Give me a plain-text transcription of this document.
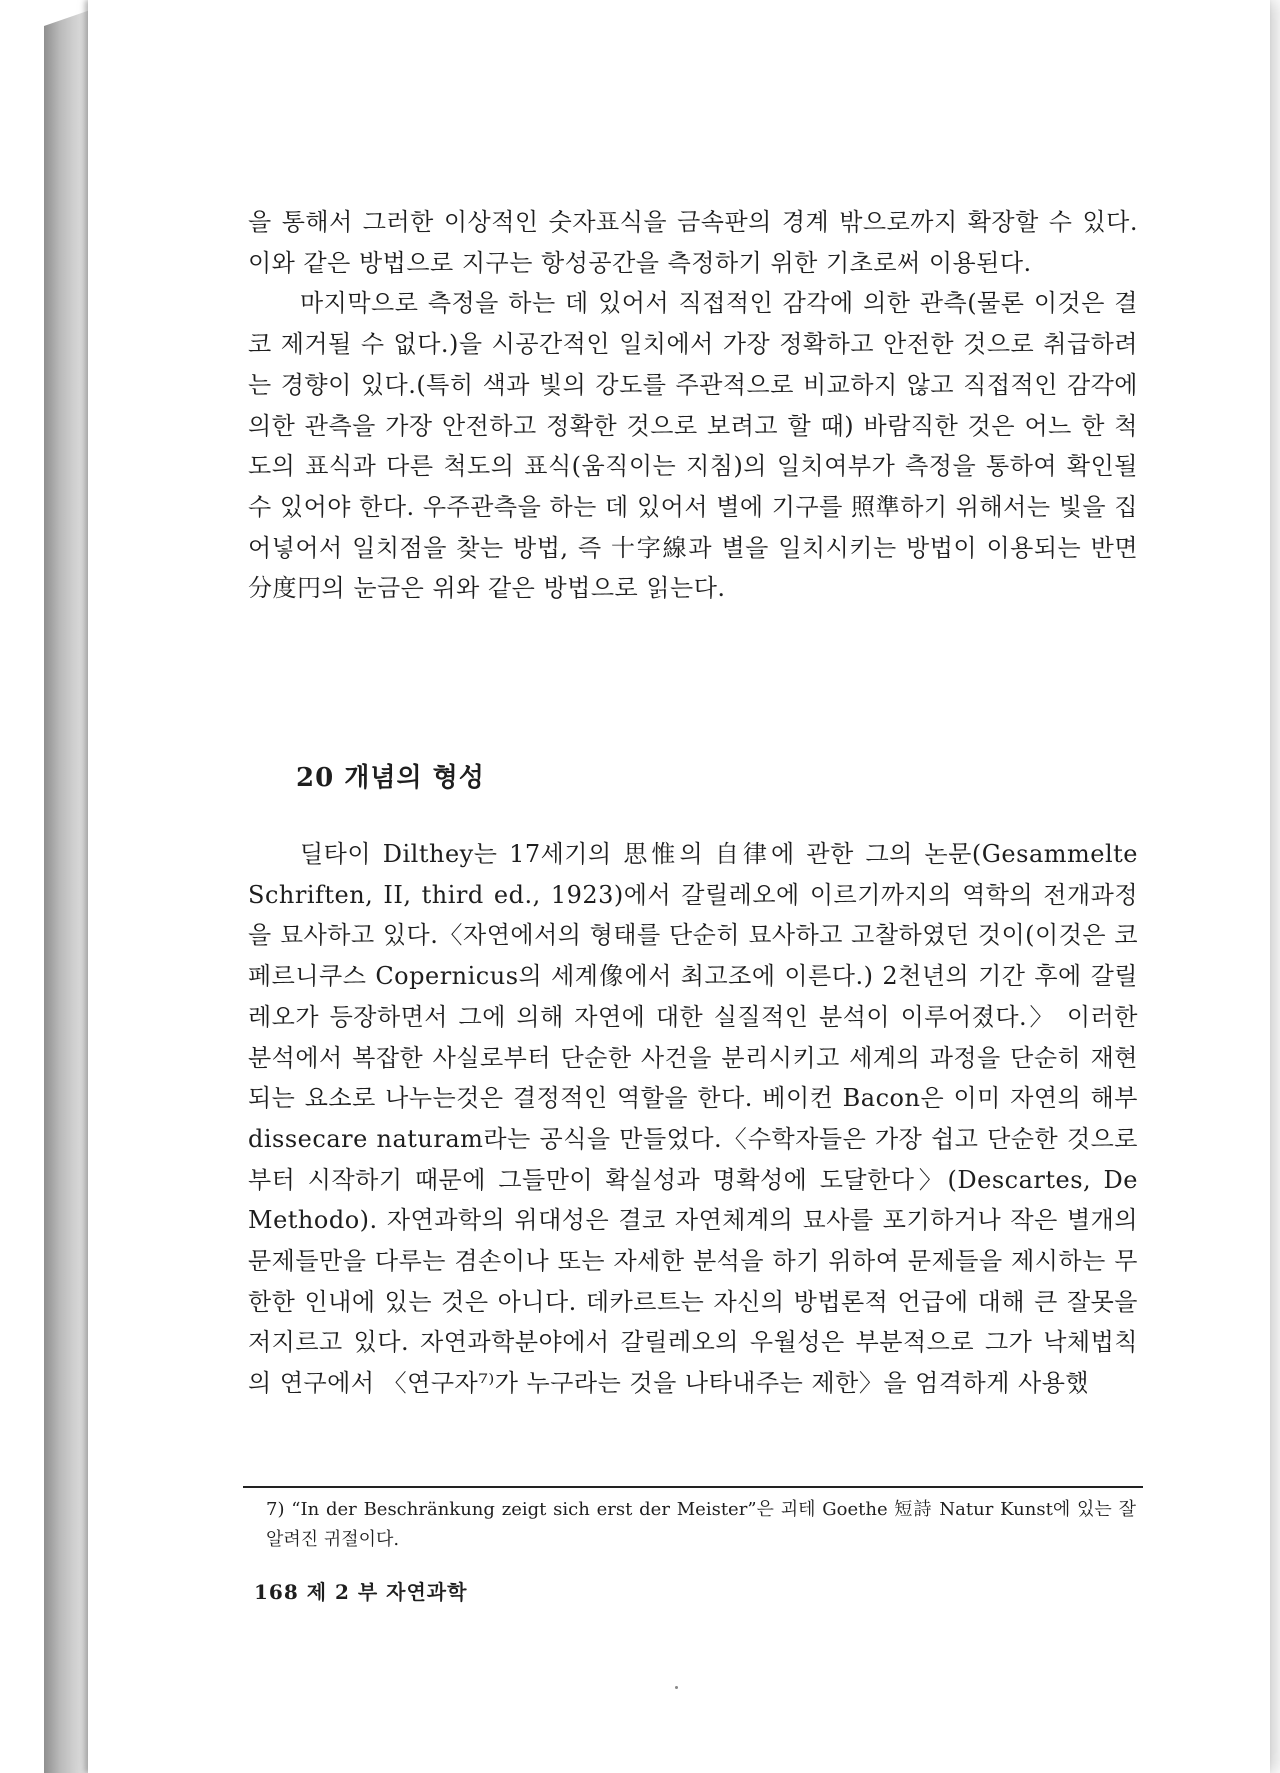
을 통해서 그러한 이상적인 숫자표식을 금속판의 경계 밖으로까지 확장할 수 있다. 이와 같은 방법으로 지구는 항성공간을 측정하기 위한 기초로써 이용된다.

마지막으로 측정을 하는 데 있어서 직접적인 감각에 의한 관측(물론 이것은 결코 제거될 수 없다.)을 시공간적인 일치에서 가장 정확하고 안전한 것으로 취급하려는 경향이 있다.(특히 색과 빛의 강도를 주관적으로 비교하지 않고 직접적인 감각에 의한 관측을 가장 안전하고 정확한 것으로 보려고 할 때) 바람직한 것은 어느 한 척도의 표식과 다른 척도의 표식(움직이는 지침)의 일치여부가 측정을 통하여 확인될 수 있어야 한다. 우주관측을 하는 데 있어서 별에 기구를 照準하기 위해서는 빛을 집어넣어서 일치점을 찾는 방법, 즉 十字線과 별을 일치시키는 방법이 이용되는 반면 分度円의 눈금은 위와 같은 방법으로 읽는다.

20 개념의 형성

딜타이 Dilthey는 17세기의 思惟의 自律에 관한 그의 논문(Gesammelte Schriften, II, third ed., 1923)에서 갈릴레오에 이르기까지의 역학의 전개과정을 묘사하고 있다.〈자연에서의 형태를 단순히 묘사하고 고찰하였던 것이(이것은 코페르니쿠스 Copernicus의 세계像에서 최고조에 이른다.) 2천년의 기간 후에 갈릴레오가 등장하면서 그에 의해 자연에 대한 실질적인 분석이 이루어졌다.〉 이러한 분석에서 복잡한 사실로부터 단순한 사건을 분리시키고 세계의 과정을 단순히 재현되는 요소로 나누는것은 결정적인 역할을 한다. 베이컨 Bacon은 이미 자연의 해부 dissecare naturam라는 공식을 만들었다.〈수학자들은 가장 쉽고 단순한 것으로부터 시작하기 때문에 그들만이 확실성과 명확성에 도달한다〉(Descartes, De Methodo). 자연과학의 위대성은 결코 자연체계의 묘사를 포기하거나 작은 별개의 문제들만을 다루는 겸손이나 또는 자세한 분석을 하기 위하여 문제들을 제시하는 무한한 인내에 있는 것은 아니다. 데카르트는 자신의 방법론적 언급에 대해 큰 잘못을 저지르고 있다. 자연과학분야에서 갈릴레오의 우월성은 부분적으로 그가 낙체법칙의 연구에서 〈연구자⁷⁾가 누구라는 것을 나타내주는 제한〉을 엄격하게 사용했

7) “In der Beschränkung zeigt sich erst der Meister”은 괴테 Goethe 短詩 Natur Kunst에 있는 잘 알려진 귀절이다.

168 제 2 부 자연과학
